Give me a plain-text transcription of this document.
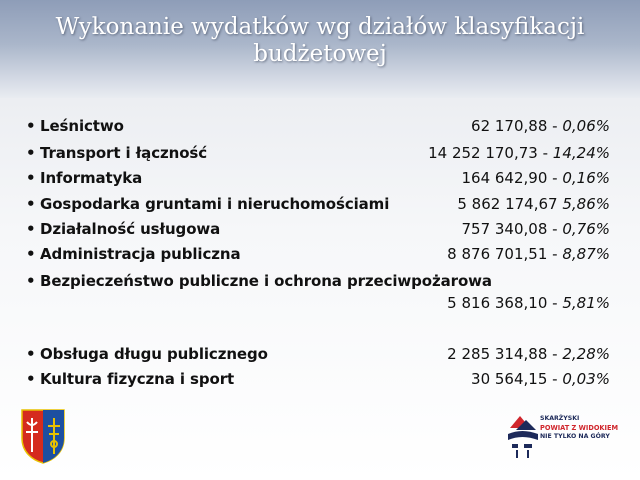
Wykonanie wydatków wg działów klasyfikacji budżetowej
• Leśnictwo	62 170,88 - 0,06%
• Transport i łączność	14 252 170,73 - 14,24%
• Informatyka	164 642,90 - 0,16%
• Gospodarka gruntami i nieruchomościami	5 862 174,67 5,86%
• Działalność usługowa	757 340,08 - 0,76%
• Administracja publiczna	8 876 701,51 - 8,87%
• Bezpieczeństwo publiczne i ochrona przeciwpożarowa
5 816 368,10 - 5,81%
• Obsługa długu publicznego	2 285 314,88 - 2,28%
• Kultura fizyczna i sport	30 564,15 - 0,03%
SKARŻYSKI
POWIAT Z WIDOKIEM
NIE TYLKO NA GÓRY
